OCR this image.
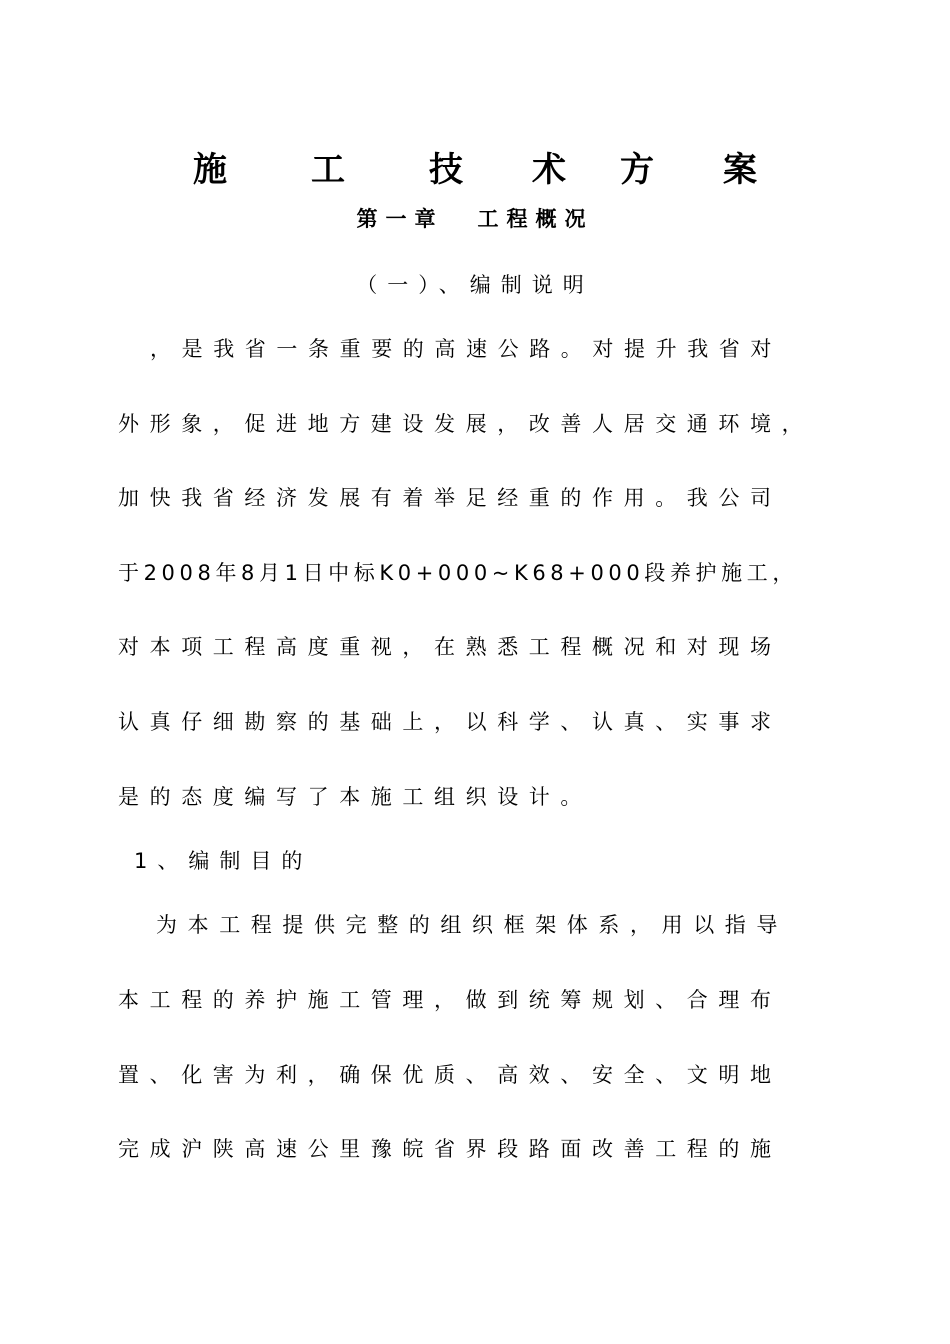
施	工	技	术	方	案
第一章 工程概况
（一）、编制说明
，是我省一条重要的高速公路。对提升我省对
外形象，促进地方建设发展，改善人居交通环境，
加快我省经济发展有着举足经重的作用。我公司
于2008年8月1日中标K0+000~K68+000段养护施工，
对本项工程高度重视，在熟悉工程概况和对现场
认真仔细勘察的基础上，以科学、认真、实事求
是的态度编写了本施工组织设计。
1、编制目的
为本工程提供完整的组织框架体系，用以指导
本工程的养护施工管理，做到统筹规划、合理布
置、化害为利，确保优质、高效、安全、文明地
完成沪陕高速公里豫皖省界段路面改善工程的施
